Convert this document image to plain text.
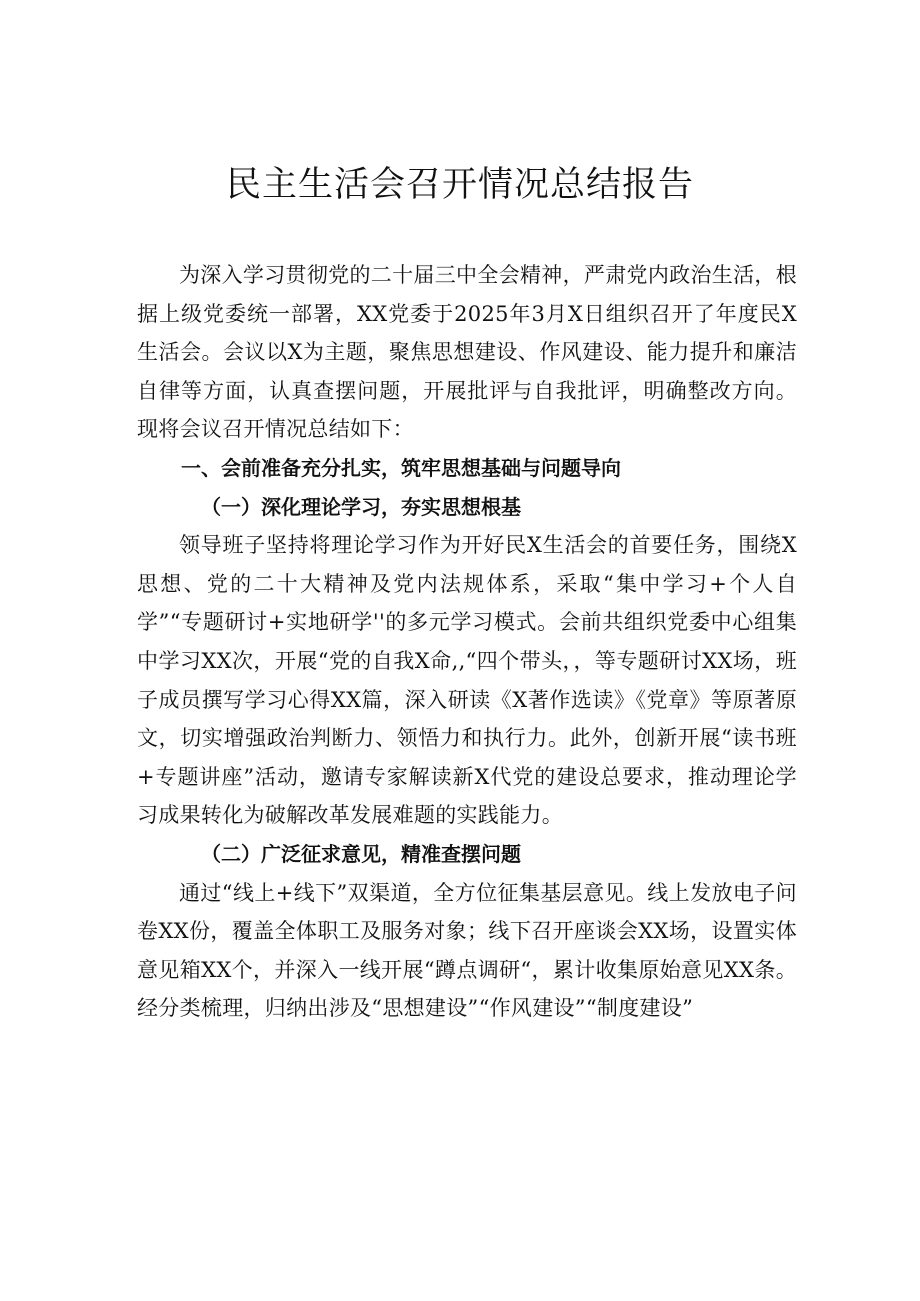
民主生活会召开情况总结报告

为深入学习贯彻党的二十届三中全会精神，严肃党内政治生活，根据上级党委统一部署，XX党委于2025年3月X日组织召开了年度民X生活会。会议以X为主题，聚焦思想建设、作风建设、能力提升和廉洁自律等方面，认真查摆问题，开展批评与自我批评，明确整改方向。现将会议召开情况总结如下：

一、会前准备充分扎实，筑牢思想基础与问题导向

（一）深化理论学习，夯实思想根基

领导班子坚持将理论学习作为开好民X生活会的首要任务，围绕X思想、党的二十大精神及党内法规体系，采取“集中学习+个人自学”“专题研讨+实地研学''的多元学习模式。会前共组织党委中心组集中学习XX次，开展“党的自我X命,,“四个带头，，等专题研讨XX场，班子成员撰写学习心得XX篇，深入研读《X著作选读》《党章》等原著原文，切实增强政治判断力、领悟力和执行力。此外，创新开展“读书班+专题讲座”活动，邀请专家解读新X代党的建设总要求，推动理论学习成果转化为破解改革发展难题的实践能力。

（二）广泛征求意见，精准查摆问题

通过“线上+线下”双渠道，全方位征集基层意见。线上发放电子问卷XX份，覆盖全体职工及服务对象；线下召开座谈会XX场，设置实体意见箱XX个，并深入一线开展“蹲点调研“，累计收集原始意见XX条。经分类梳理，归纳出涉及“思想建设”“作风建设”“制度建设”
